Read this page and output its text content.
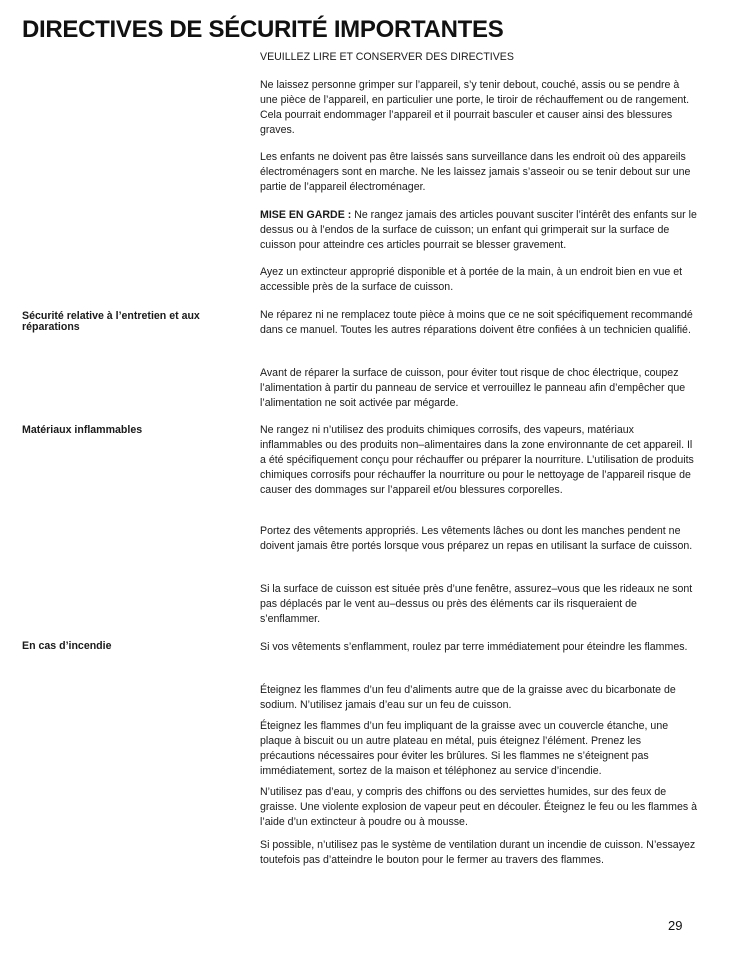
DIRECTIVES DE SÉCURITÉ IMPORTANTES

VEUILLEZ LIRE ET CONSERVER DES DIRECTIVES

Ne laissez personne grimper sur l’appareil, s’y tenir debout, couché, assis ou se pendre à une pièce de l’appareil, en particulier une porte, le tiroir de réchauffement ou de rangement. Cela pourrait endommager l’appareil et il pourrait basculer et causer ainsi des blessures graves.

Les enfants ne doivent pas être laissés sans surveillance dans les endroit où des appareils électroménagers sont en marche. Ne les laissez jamais s’asseoir ou se tenir debout sur une partie de l’appareil électroménager.

MISE EN GARDE : Ne rangez jamais des articles pouvant susciter l’intérêt des enfants sur le dessus ou à l’endos de la surface de cuisson; un enfant qui grimperait sur la surface de cuisson pour atteindre ces articles pourrait se blesser gravement.

Ayez un extincteur approprié disponible et à portée de la main, à un endroit bien en vue et accessible près de la surface de cuisson.

Sécurité relative à l’entretien et aux réparations

Ne réparez ni ne remplacez toute pièce à moins que ce ne soit spécifiquement recommandé dans ce manuel. Toutes les autres réparations doivent être confiées à un technicien qualifié.

Avant de réparer la surface de cuisson, pour éviter tout risque de choc électrique, coupez l’alimentation à partir du panneau de service et verrouillez le panneau afin d’empêcher que l’alimentation ne soit activée par mégarde.

Matériaux inflammables	Ne rangez ni n’utilisez des produits chimiques corrosifs, des vapeurs, matériaux inflammables ou des produits non–alimentaires dans la zone environnante de cet appareil. Il a été spécifiquement conçu pour réchauffer ou préparer la nourriture. L’utilisation de produits chimiques corrosifs pour réchauffer la nourriture ou pour le nettoyage de l’appareil risque de causer des dommages sur l’appareil et/ou blessures corporelles.

Portez des vêtements appropriés. Les vêtements lâches ou dont les manches pendent ne doivent jamais être portés lorsque vous préparez un repas en utilisant la surface de cuisson.

Si la surface de cuisson est située près d’une fenêtre, assurez–vous que les rideaux ne sont pas déplacés par le vent au–dessus ou près des éléments car ils risqueraient de s’enflammer.

En cas d’incendie	Si vos vêtements s’enflamment, roulez par terre immédiatement pour éteindre les flammes.

Éteignez les flammes d’un feu d’aliments autre que de la graisse avec du bicarbonate de sodium. N’utilisez jamais d’eau sur un feu de cuisson.

Éteignez les flammes d’un feu impliquant de la graisse avec un couvercle étanche, une plaque à biscuit ou un autre plateau en métal, puis éteignez l’élément. Prenez les précautions nécessaires pour éviter les brûlures. Si les flammes ne s’éteignent pas immédiatement, sortez de la maison et téléphonez au service d’incendie.

N’utilisez pas d’eau, y compris des chiffons ou des serviettes humides, sur des feux de graisse. Une violente explosion de vapeur peut en découler. Éteignez le feu ou les flammes à l’aide d’un extincteur à poudre ou à mousse.

Si possible, n’utilisez pas le système de ventilation durant un incendie de cuisson. N’essayez toutefois pas d’atteindre le bouton pour le fermer au travers des flammes.

29
